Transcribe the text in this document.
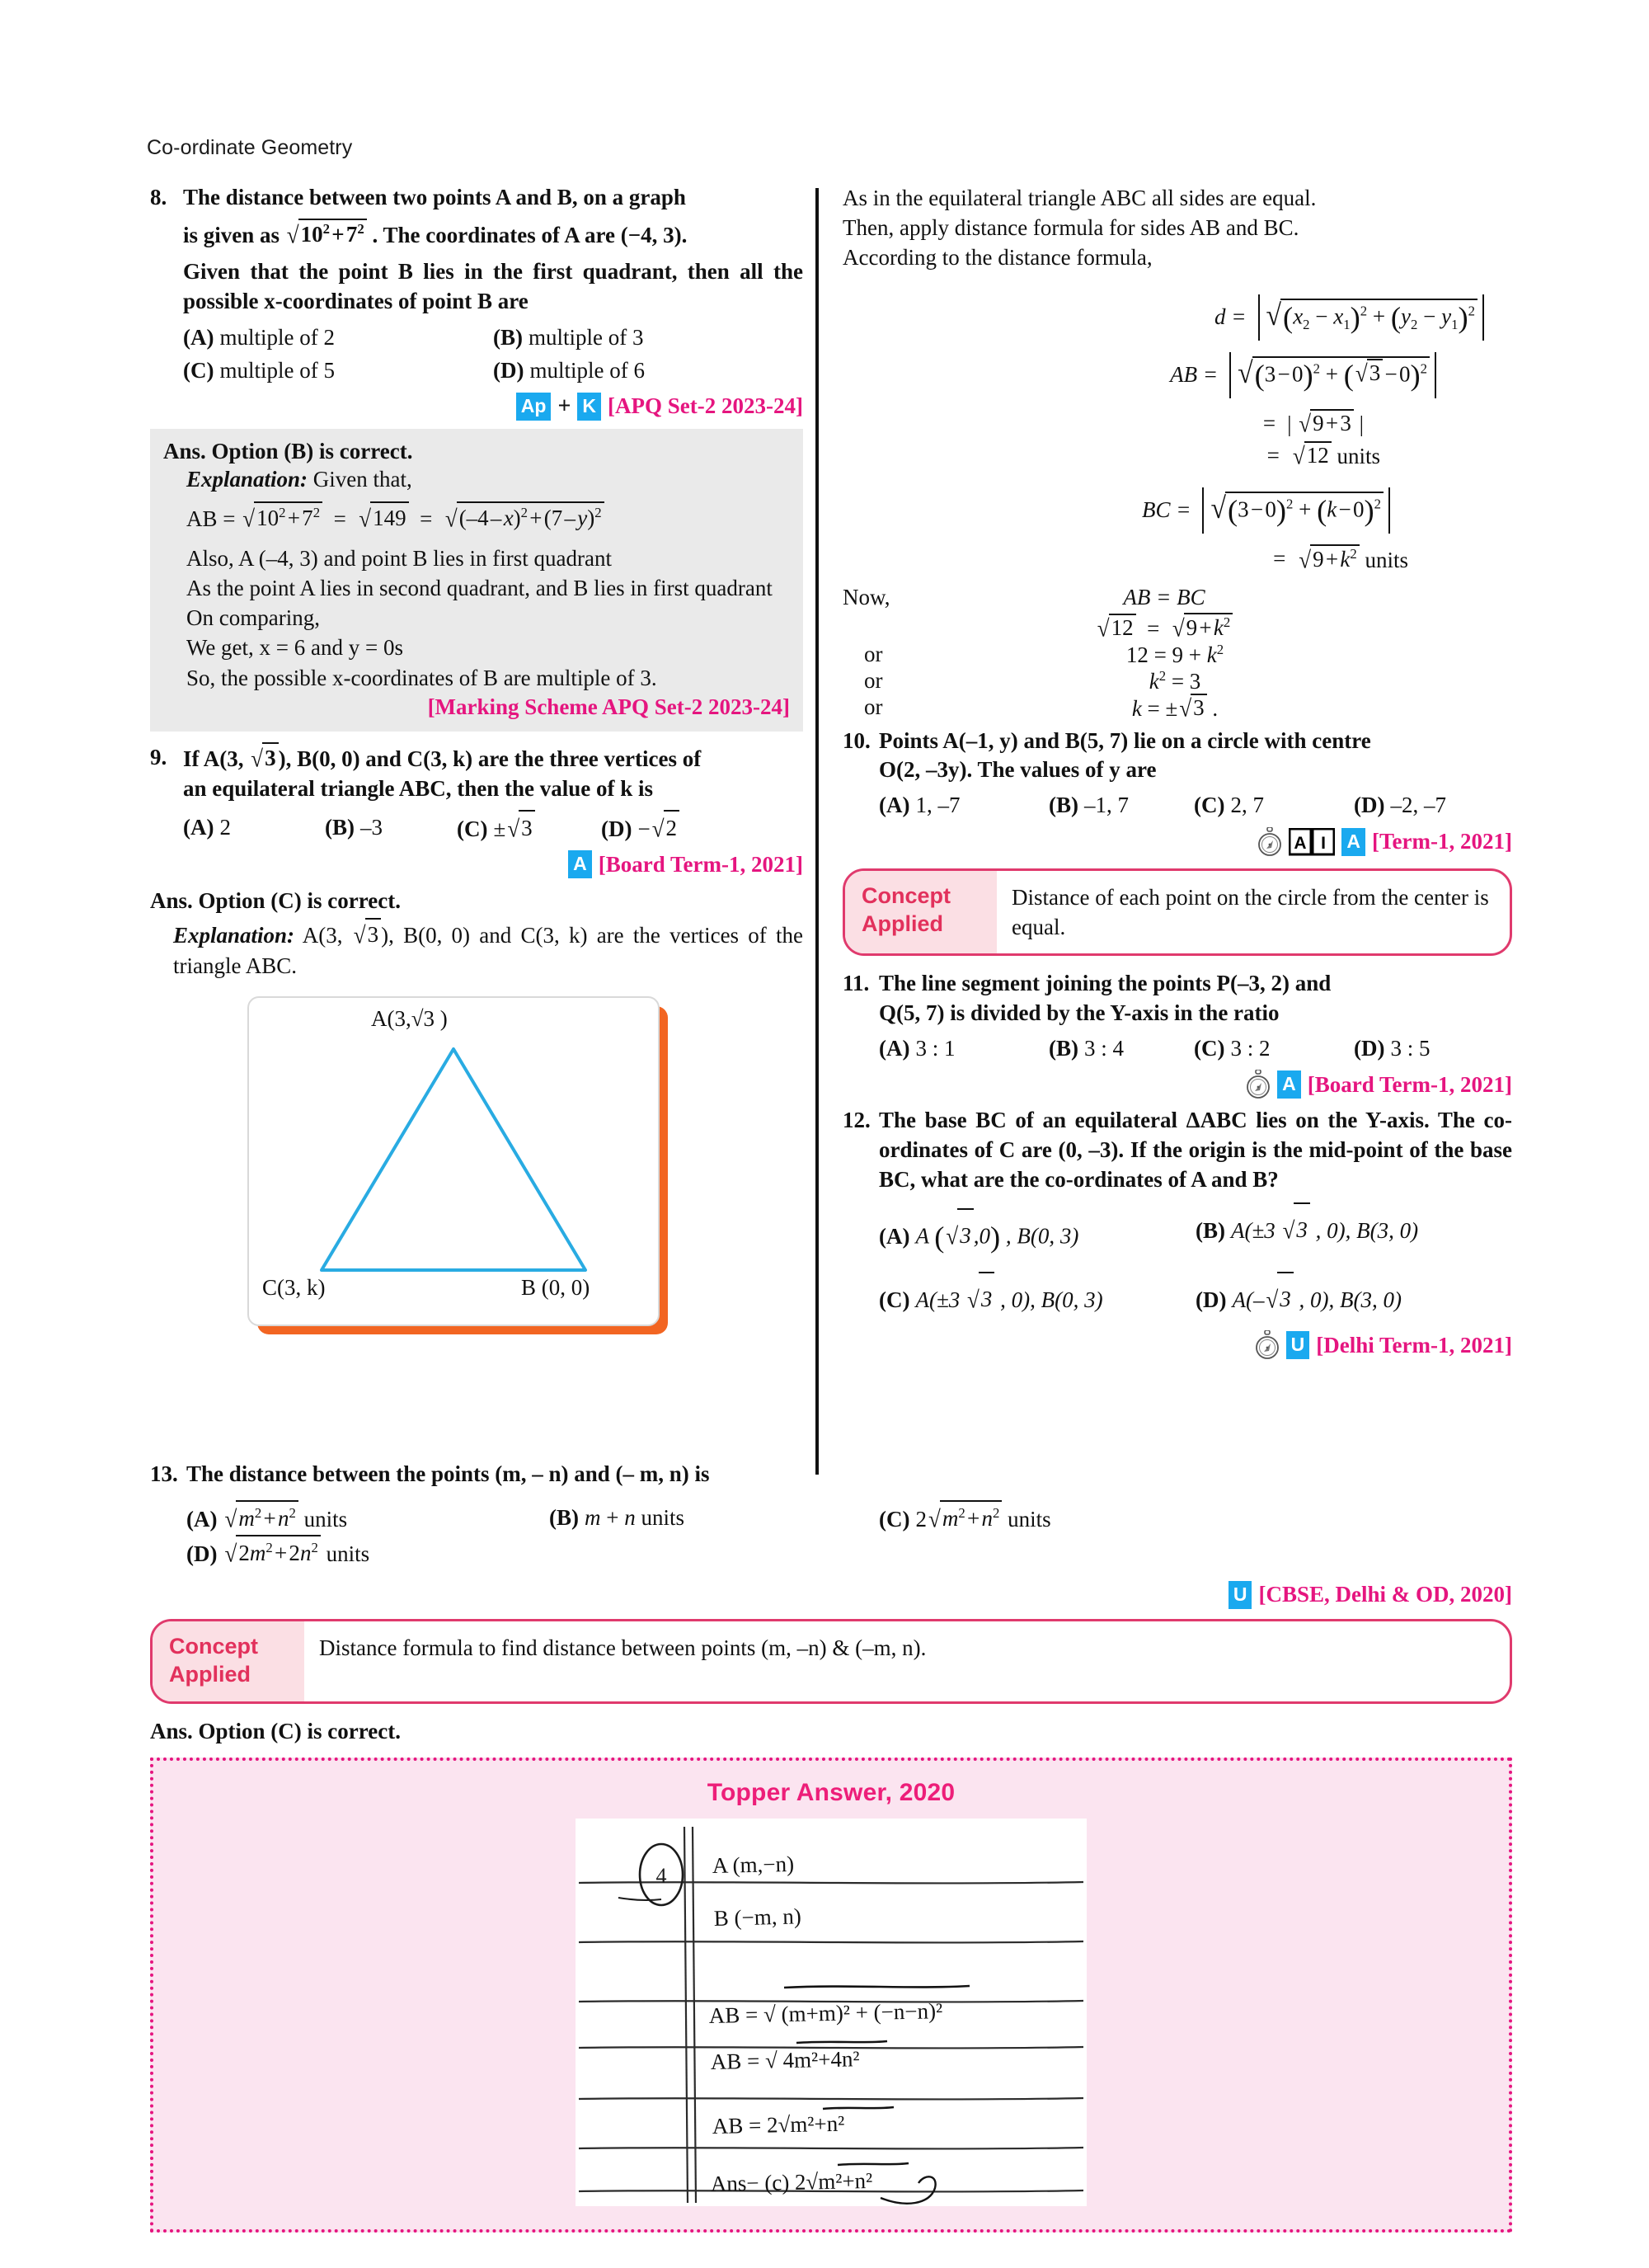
Co-ordinate Geometry
8. The distance between two points A and B, on a graph
is given as $√10^2$ + $7^2$ . The coordinates of A are (−4, 3).
Given that the point B lies in the first quadrant, then all the possible x-coordinates of point B are
(A) multiple of 2	(B) multiple of 3
(C) multiple of 5	(D) multiple of 6
Ap + K [APQ Set-2 2023-24]
Ans. Option (B) is correct.
Explanation: Given that,
AB = $√10^2$ + $7^2 = √149 = √(-4$ – x)$^2$ + (7 – y)$^2$
Also, A (–4, 3) and point B lies in first quadrant
As the point A lies in second quadrant, and B lies in first quadrant
On comparing,
We get, x = 6 and y = 0s
So, the possible x-coordinates of B are multiple of 3.
[Marking Scheme APQ Set-2 2023-24]
9. If A(3, √3 ), B(0, 0) and C(3, k) are the three vertices of
an equilateral triangle ABC, then the value of k is
(A) 2	(B) –3	(C) ±√3	(D) −√2
A [Board Term-1, 2021]
Ans. Option (C) is correct.
Explanation: A(3, √3 ), B(0, 0) and C(3, k) are the vertices of the triangle ABC.
A(3,√3 )
C(3, k)	B (0, 0)
As in the equilateral triangle ABC all sides are equal.
Then, apply distance formula for sides AB and BC.
According to the distance formula,
$d = √(x_2 - x_1)^2 + (y_2 - y_1)^2$
AB = √(3 − 0)$^2$ + (√3 − 0)$^2$
= | √9 + 3 |
= √12 units
BC = √(3 − 0)$^2$ + (k − 0)$^2$
= √9 + $k^2$ units
Now,	AB = BC
√12  =  √9 + $k^2$
or	$12 = 9 + k^2$
or	$k^2 = 3$
or	k = ±√3 .
10. Points A(–1, y) and B(5, 7) lie on a circle with centre
O(2, –3y). The values of y are
(A) 1, –7	(B) –1, 7	(C) 2, 7	(D) –2, –7
A I A [Term-1, 2021]
Concept
Applied
Distance of each point on the circle from the center is equal.
11. The line segment joining the points P(–3, 2) and
Q(5, 7) is divided by the Y-axis in the ratio
(A) 3 : 1	(B) 3 : 4	(C) 3 : 2	(D) 3 : 5
A [Board Term-1, 2021]
12. The base BC of an equilateral ΔABC lies on the Y-axis. The co-ordinates of C are (0, –3). If the origin is the mid-point of the base BC, what are the co-ordinates of A and B?
(A) A (√3 ,0) , B(0, 3)	(B) A(±3 √3 , 0), B(3, 0)
(C) A(±3 √3 , 0), B(0, 3)	(D) A(–√3 , 0), B(3, 0)
U [Delhi Term-1, 2021]
13. The distance between the points (m, – n) and (– m, n) is
(A) $√m^2$ + $n^2$ units	(B) m + n units	(C) $2√m^2$ + $n^2$ units
(D) $√2m^2$ + $2n^2$ units
U [CBSE, Delhi & OD, 2020]
Concept
Applied
Distance formula to find distance between points (m, –n) & (–m, n).
Ans. Option (C) is correct.
Topper Answer, 2020
4 A (m,−n)
B (−m, n)
AB = √ (m+m)² + (−n−n)²
AB = √ 4m²+4n²
AB = 2√m²+n²
Ans− (c) 2√m²+n²
